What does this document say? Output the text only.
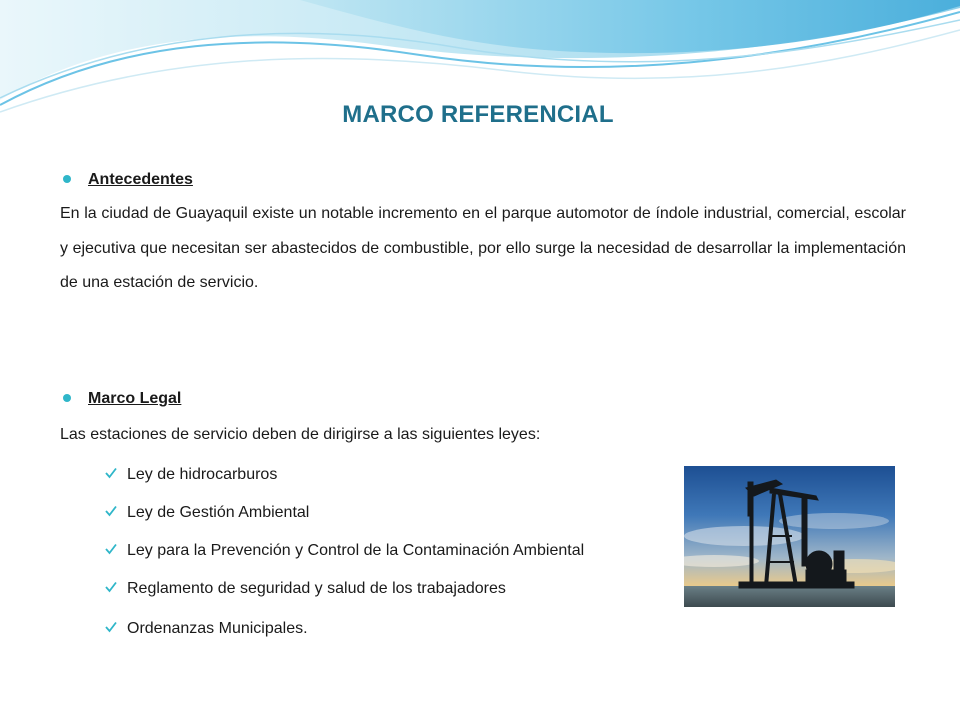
MARCO REFERENCIAL
Antecedentes
En la ciudad de Guayaquil existe un notable incremento en el parque automotor de índole industrial, comercial, escolar y ejecutiva que necesitan ser abastecidos de combustible, por ello surge la necesidad de desarrollar la implementación de una estación de servicio.
Marco Legal
Las estaciones de servicio deben de dirigirse a las siguientes leyes:
Ley de hidrocarburos
Ley de Gestión Ambiental
Ley para la Prevención y Control de la Contaminación Ambiental
Reglamento de seguridad y salud de los trabajadores
Ordenanzas Municipales.
